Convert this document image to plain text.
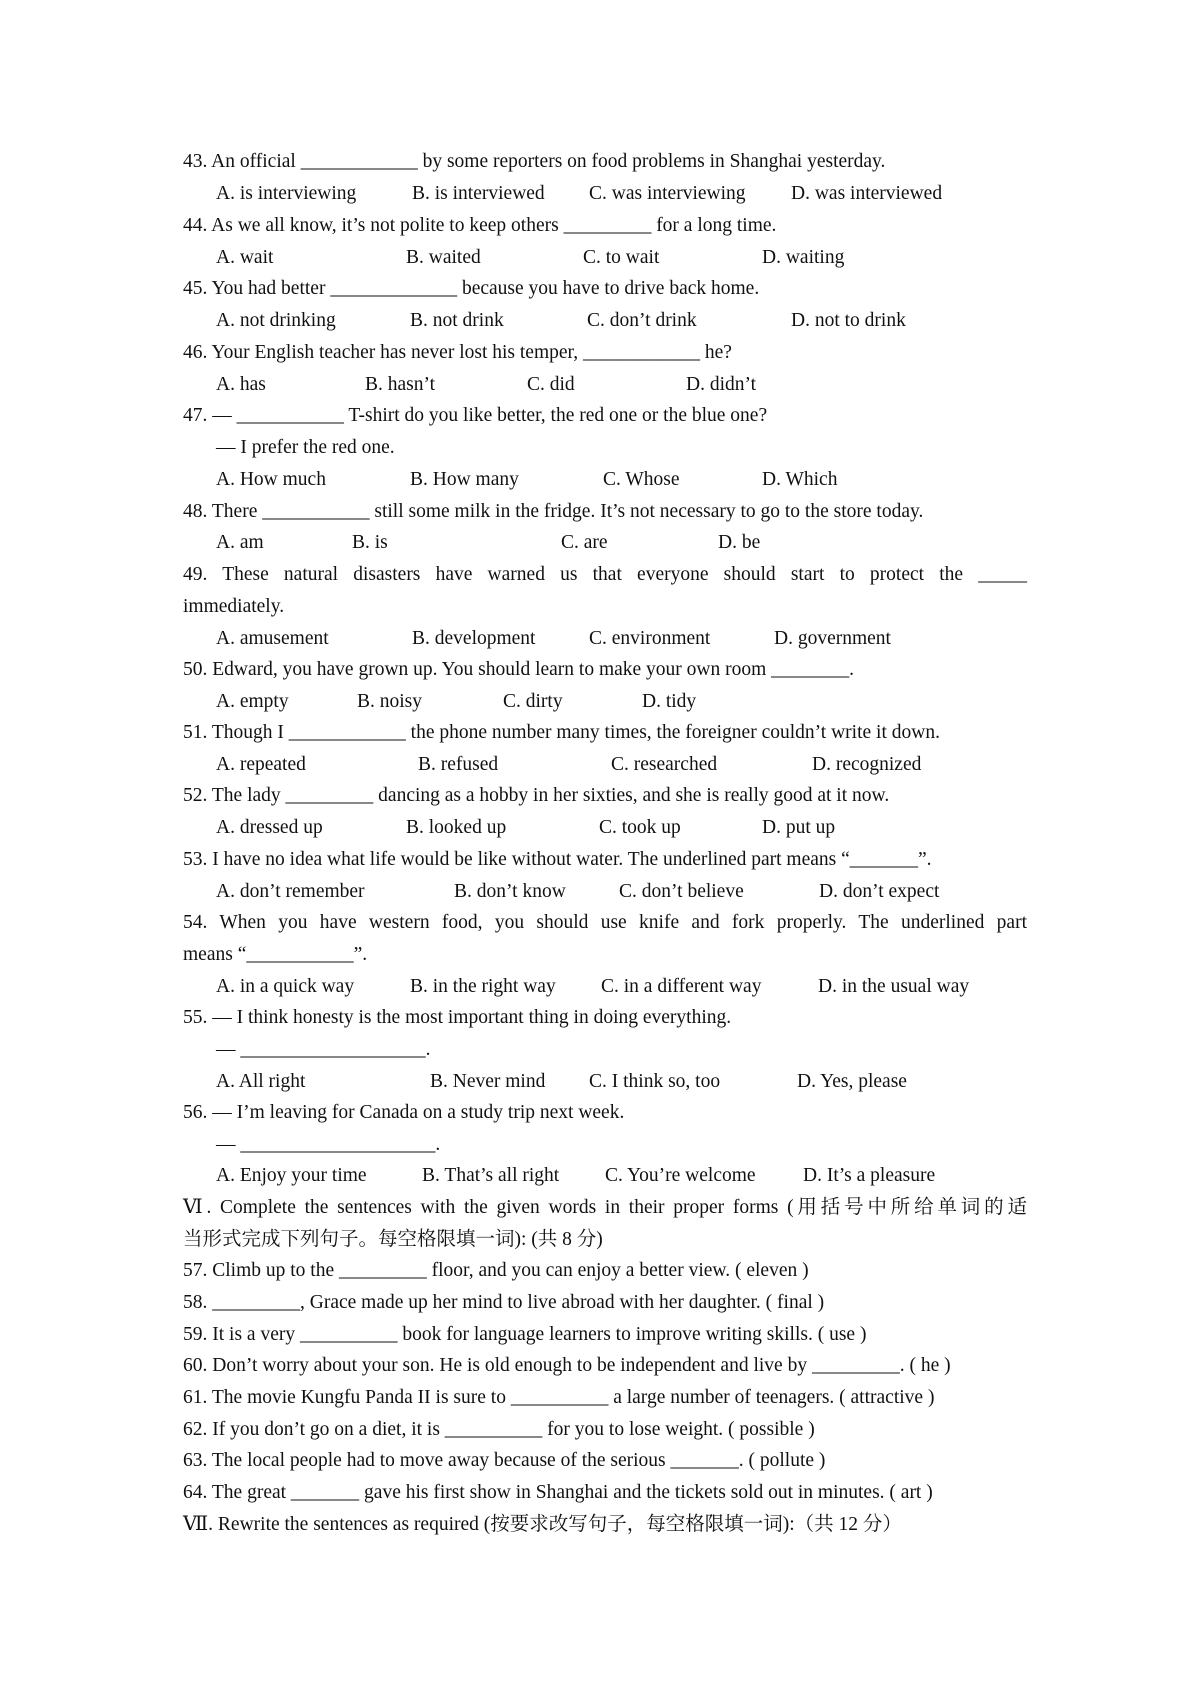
43. An official ____________ by some reporters on food problems in Shanghai yesterday.
A. is interviewing	B. is interviewed C. was interviewing D. was interviewed
44. As we all know, it’s not polite to keep others _________ for a long time.
A. wait	B. waited	C. to wait	D. waiting
45. You had better _____________ because you have to drive back home.
A. not drinking	B. not drink	C. don’t drink	D. not to drink
46. Your English teacher has never lost his temper, ____________ he?
A. has	B. hasn’t	C. did	D. didn’t
47. — ___________ T-shirt do you like better, the red one or the blue one?
— I prefer the red one.
A. How much	B. How many	C. Whose	D. Which
48. There ___________ still some milk in the fridge. It’s not necessary to go to the store today.
A. am	B. is	C. are	D. be
49. These natural disasters have warned us that everyone should start to protect the _____
immediately.
A. amusement	B. development	C. environment	D. government
50. Edward, you have grown up. You should learn to make your own room ________.
A. empty	B. noisy	C. dirty	D. tidy
51. Though I ____________ the phone number many times, the foreigner couldn’t write it down.
A. repeated	B. refused	C. researched	D. recognized
52. The lady _________ dancing as a hobby in her sixties, and she is really good at it now.
A. dressed up	B. looked up	C. took up	D. put up
53. I have no idea what life would be like without water. The underlined part means “_______”.
A. don’t remember	B. don’t know	C. don’t believe	D. don’t expect
54. When you have western food, you should use knife and fork properly. The underlined part
means “___________”.
A. in a quick way	B. in the right way C. in a different way	D. in the usual way
55. — I think honesty is the most important thing in doing everything.
— ___________________.
A. All right	B. Never mind C. I think so, too	D. Yes, please
56. — I’m leaving for Canada on a study trip next week.
— ____________________.
A. Enjoy your time	B. That’s all right C. You’re welcome D. It’s a pleasure
Ⅵ. Complete the sentences with the given words in their proper forms (用括号中所给单词的适
当形式完成下列句子。每空格限填一词): (共 8 分)
57. Climb up to the _________ floor, and you can enjoy a better view. ( eleven )
58. _________, Grace made up her mind to live abroad with her daughter. ( final )
59. It is a very __________ book for language learners to improve writing skills. ( use )
60. Don’t worry about your son. He is old enough to be independent and live by _________. ( he )
61. The movie Kungfu Panda II is sure to __________ a large number of teenagers. ( attractive )
62. If you don’t go on a diet, it is __________ for you to lose weight. ( possible )
63. The local people had to move away because of the serious _______. ( pollute )
64. The great _______ gave his first show in Shanghai and the tickets sold out in minutes. ( art )
Ⅶ. Rewrite the sentences as required (按要求改写句子，每空格限填一词):（共 12 分）
